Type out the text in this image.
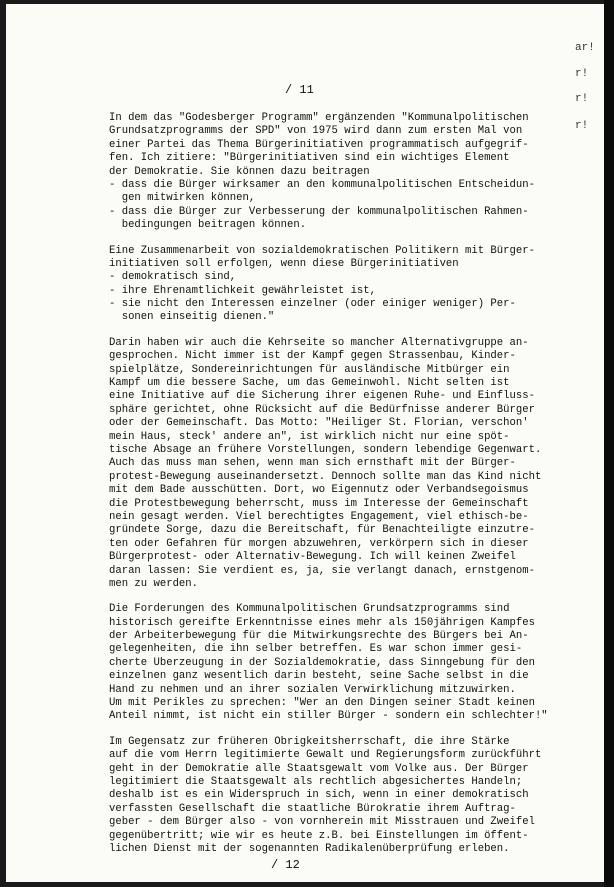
ar!
r!
r!
r!
/ 11
In dem das "Godesberger Programm" ergänzenden "Kommunalpolitischen
Grundsatzprogramms der SPD" von 1975 wird dann zum ersten Mal von
einer Partei das Thema Bürgerinitiativen programmatisch aufgegrif-
fen. Ich zitiere: "Bürgerinitiativen sind ein wichtiges Element
der Demokratie. Sie können dazu beitragen
- dass die Bürger wirksamer an den kommunalpolitischen Entscheidun-
gen mitwirken können,
- dass die Bürger zur Verbesserung der kommunalpolitischen Rahmen-
bedingungen beitragen können.
Eine Zusammenarbeit von sozialdemokratischen Politikern mit Bürger-
initiativen soll erfolgen, wenn diese Bürgerinitiativen
- demokratisch sind,
- ihre Ehrenamtlichkeit gewährleistet ist,
- sie nicht den Interessen einzelner (oder einiger weniger) Per-
sonen einseitig dienen."
Darin haben wir auch die Kehrseite so mancher Alternativgruppe an-
gesprochen. Nicht immer ist der Kampf gegen Strassenbau, Kinder-
spielplätze, Sondereinrichtungen für ausländische Mitbürger ein
Kampf um die bessere Sache, um das Gemeinwohl. Nicht selten ist
eine Initiative auf die Sicherung ihrer eigenen Ruhe- und Einfluss-
sphäre gerichtet, ohne Rücksicht auf die Bedürfnisse anderer Bürger
oder der Gemeinschaft. Das Motto: "Heiliger St. Florian, verschon'
mein Haus, steck' andere an", ist wirklich nicht nur eine spöt-
tische Absage an frühere Vorstellungen, sondern lebendige Gegenwart.
Auch das muss man sehen, wenn man sich ernsthaft mit der Bürger-
protest-Bewegung auseinandersetzt. Dennoch sollte man das Kind nicht
mit dem Bade ausschütten. Dort, wo Eigennutz oder Verbandsegoismus
die Protestbewegung beherrscht, muss im Interesse der Gemeinschaft
nein gesagt werden. Viel berechtigtes Engagement, viel ethisch-be-
gründete Sorge, dazu die Bereitschaft, für Benachteiligte einzutre-
ten oder Gefahren für morgen abzuwehren, verkörpern sich in dieser
Bürgerprotest- oder Alternativ-Bewegung. Ich will keinen Zweifel
daran lassen: Sie verdient es, ja, sie verlangt danach, ernstgenom-
men zu werden.
Die Forderungen des Kommunalpolitischen Grundsatzprogramms sind
historisch gereifte Erkenntnisse eines mehr als 150jährigen Kampfes
der Arbeiterbewegung für die Mitwirkungsrechte des Bürgers bei An-
gelegenheiten, die ihn selber betreffen. Es war schon immer gesi-
cherte Überzeugung in der Sozialdemokratie, dass Sinngebung für den
einzelnen ganz wesentlich darin besteht, seine Sache selbst in die
Hand zu nehmen und an ihrer sozialen Verwirklichung mitzuwirken.
Um mit Perikles zu sprechen: "Wer an den Dingen seiner Stadt keinen
Anteil nimmt, ist nicht ein stiller Bürger - sondern ein schlechter!"
Im Gegensatz zur früheren Obrigkeitsherrschaft, die ihre Stärke
auf die vom Herrn legitimierte Gewalt und Regierungsform zurückführt
geht in der Demokratie alle Staatsgewalt vom Volke aus. Der Bürger
legitimiert die Staatsgewalt als rechtlich abgesichertes Handeln;
deshalb ist es ein Widerspruch in sich, wenn in einer demokratisch
verfassten Gesellschaft die staatliche Bürokratie ihrem Auftrag-
geber - dem Bürger also - von vornherein mit Misstrauen und Zweifel
gegenübertritt; wie wir es heute z.B. bei Einstellungen im öffent-
lichen Dienst mit der sogenannten Radikalenüberprüfung erleben.
/ 12
